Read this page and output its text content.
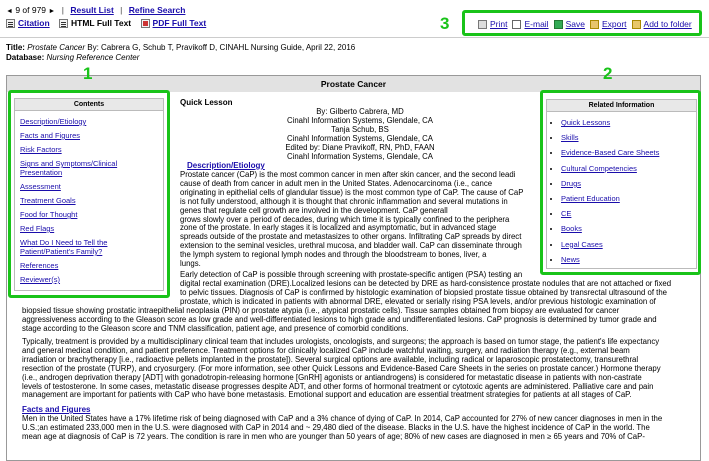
◄ 9 of 979 ► | Result List | Refine Search
Citation
	HTML Full Text
	PDF Full Text	3	Print E-mail Save Export Add to folder
Title: Prostate Cancer By: Cabrera G, Schub T, Pravikoff D, CINAHL Nursing Guide, April 22, 2016
Database: Nursing Reference Center
Prostate Cancer
1	2
Quick Lesson
By: Gilberto Cabrera, MD
Cinahl Information Systems, Glendale, CA
Tanja Schub, BS
Cinahl Information Systems, Glendale, CA
Edited by: Diane Pravikoff, RN, PhD, FAAN
Cinahl Information Systems, Glendale, CA
Description/Etiology
Prostate cancer (CaP) is the most common cancer in men after skin cancer, and the second leadi
cause of death from cancer in adult men in the United States. Adenocarcinoma (i.e., cance
originating in epithelial cells of glandular tissue) is the most common type of CaP. The cause of CaP
is not fully understood, although it is thought that chronic inflammation and several mutations in
genes that regulate cell growth are involved in the development. CaP generall
grows slowly over a period of decades, during which time it is typically confined to the periphera
zone of the prostate. In early stages it is localized and asymptomatic, but in advanced stage
spreads outside of the prostate and metastasizes to other organs. Infiltrating CaP spreads by direct
extension to the seminal vesicles, urethral mucosa, and bladder wall. CaP can disseminate through
the lymph system to regional lymph nodes and through the bloodstream to bones, liver, a
lungs.
Early detection of CaP is possible through screening with prostate-specific antigen (PSA) testing an
digital rectal examination (DRE).Localized lesions can be detected by DRE as hard-consistence prostate nodules that are not attached or fixed
to pelvic tissues. Diagnosis of CaP is confirmed by histologic examination of biopsied prostate tissue obtained by transrectal ultrasound of the
prostate, which is indicated in patients with abnormal DRE, elevated or serially rising PSA levels, and/or previous histologic examination of
biopsied tissue showing prostatic intraepithelial neoplasia (PIN) or prostate atypia (i.e., atypical prostatic cells). Tissue samples obtained from biopsy are evaluated for cancer
aggressiveness according to the Gleason score as low grade and well-differentiated lesions to high grade and undifferentiated lesions. CaP prognosis is determined by tumor grade and
stage according to the Gleason score and TNM classification, patient age, and presence of comorbid conditions.
Typically, treatment is provided by a multidisciplinary clinical team that includes urologists, oncologists, and surgeons; the approach is based on tumor stage, the patient's life expectancy
and general medical condition, and patient preference. Treatment options for clinically localized CaP include watchful waiting, surgery, and radiation therapy (e.g., external beam
irradiation or brachytherapy [i.e., radioactive pellets implanted in the prostate]). Several surgical options are available, including radical or laparoscopic prostatectomy, transurethral
resection of the prostate (TURP), and cryosurgery. (For more information, see other Quick Lessons and Evidence-Based Care Sheets in the series on prostate cancer.) Hormone therapy
(i.e., androgen deprivation therapy [ADT] with gonadotropin-releasing hormone [GnRH] agonists or antiandrogens) is considered for metastatic disease in patients with non-castrate
levels of testosterone. In some cases, metastatic disease progresses despite ADT, and other forms of hormonal treatment or cytotoxic agents are administered. Palliative care and pain
management are important for patients with CaP who have bone metastasis. Emotional support and education are essential treatment strategies for patients at all stages of CaP.
Facts and Figures
Men in the United States have a 17% lifetime risk of being diagnosed with CaP and a 3% chance of dying of CaP. In 2014, CaP accounted for 27% of new cancer diagnoses in men in the
U.S.;an estimated 233,000 men in the U.S. were diagnosed with CaP in 2014 and ~ 29,480 died of the disease. Blacks in the U.S. have the highest incidence of CaP in the world. The
mean age at diagnosis of CaP is 72 years. The condition is rare in men who are younger than 50 years of age; 80% of new cases are diagnosed in men ≥ 65 years and 70% of CaP-
Contents
Description/Etiology
Facts and Figures
Risk Factors
Signs and Symptoms/Clinical Presentation
Assessment
Treatment Goals
Food for Thought
Red Flags
What Do I Need to Tell the Patient/Patient's Family?
References
Reviewer(s)
Related Information
• Quick Lessons
• Skills
• Evidence-Based Care Sheets
• Cultural Competencies
• Drugs
• Patient Education
• CE
• Books
• Legal Cases
• News
